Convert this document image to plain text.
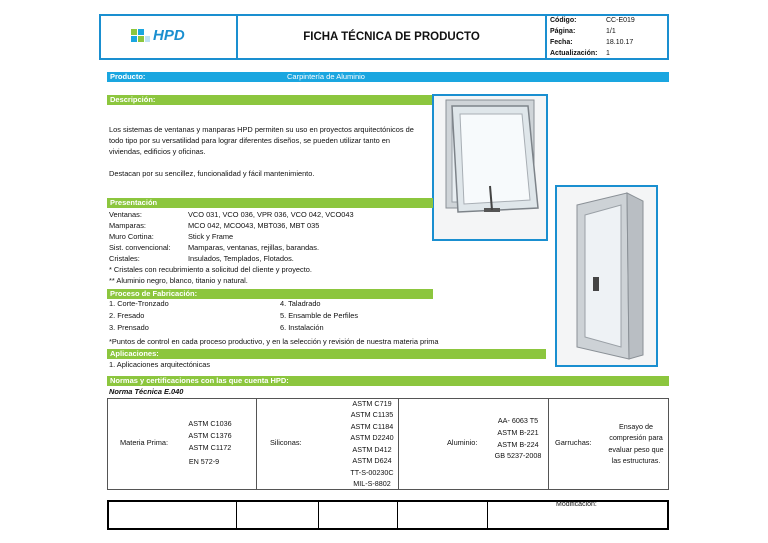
HPD	FICHA TÉCNICA DE PRODUCTO
Código:	CC-E019
Página:	1/1
Fecha:	18.10.17
Actualización: 1
Producto:	Carpintería de Aluminio
Descripción:
Los sistemas de ventanas y manparas HPD permiten su uso en proyectos arquitectónicos de
todo tipo por su versatilidad para lograr diferentes diseños, se pueden utilizar tanto en
viviendas, edificios y oficinas.
Destacan por su sencillez, funcionalidad y fácil mantenimiento.
Presentación
Ventanas:	VCO 031, VCO 036, VPR 036, VCO 042, VCO043
Mamparas:	MCO 042, MCO043, MBT036, MBT 035
Muro Cortina:	Stick y Frame
Sist. convencional: Mamparas, ventanas, rejillas, barandas.
Cristales:	Insulados, Templados, Flotados.
* Cristales con recubrimiento a solicitud del cliente y proyecto.
** Aluminio negro, blanco, titanio y natural.
Proceso de Fabricación:
1. Corte-Tronzado
2. Fresado
3. Prensado
4. Taladrado
5. Ensamble de Perfiles
6. Instalación
*Puntos de control en cada proceso productivo, y en la selección y revisión de nuestra materia prima
Aplicaciones:
1. Aplicaciones arquitectónicas
Normas y certificaciones con las que cuenta HPD:
Norma Técnica E.040
Materia Prima:
ASTM C1036
ASTM C1376
ASTM C1172
EN 572-9
Siliconas:
ASTM C719
ASTM C1135
ASTM C1184
ASTM D2240
ASTM D412
ASTM D624
TT-S-00230C
MIL-S-8802
Aluminio:
AA- 6063 T5
ASTM B-221
ASTM B-224
GB 5237-2008
Garruchas:
Ensayo de
compresión para
evaluar peso que
las estructuras.
Modificación:
